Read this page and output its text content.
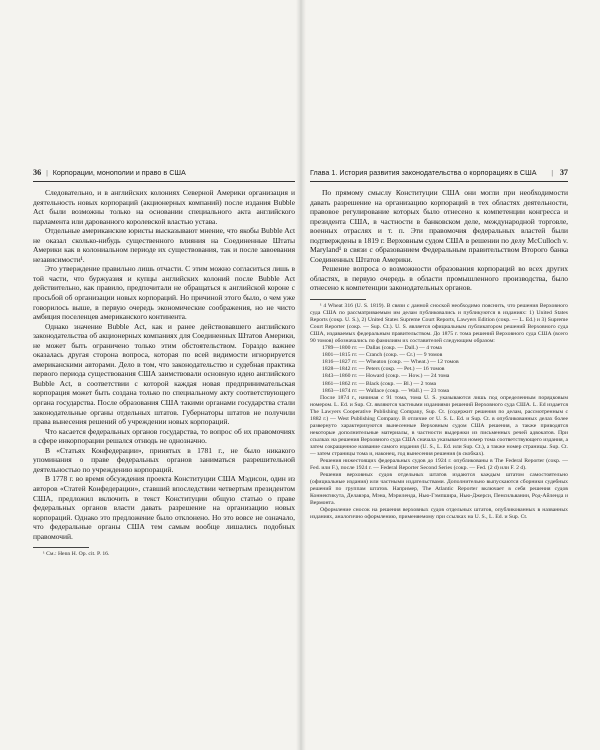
36 | Корпорации, монополии и право в США

Следовательно, и в английских колониях Северной Америки организация и деятельность новых корпораций (акционерных компаний) после издания Bubble Act были возможны только на основании специального акта английского парламента или дарованного королевской властью устава.

Отдельные американские юристы высказывают мнение, что якобы Bubble Act не оказал сколько-нибудь существенного влияния на Соединенные Штаты Америки как в колониальном периоде их существования, так и после завоевания независимости¹.

Это утверждение правильно лишь отчасти. С этим можно согласиться лишь в той части, что буржуазия и купцы английских колоний после Bubble Act действительно, как правило, предпочитали не обращаться к английской короне с просьбой об организации новых корпораций. Но причиной этого было, о чем уже говорилось выше, в первую очередь экономические соображения, но не чисто амбиция поселенцев американского континента.

Однако значение Bubble Act, как и ранее действовавшего английского законодательства об акционерных компаниях для Соединенных Штатов Америки, не может быть ограничено только этим обстоятельством. Гораздо важнее оказалась другая сторона вопроса, которая по всей видимости игнорируется американскими авторами. Дело в том, что законодательство и судебная практика первого периода существования США заимствовали основную идею английского Bubble Act, в соответствии с которой каждая новая предпринимательская корпорация может быть создана только по специальному акту соответствующего органа государства. После образования США такими органами государства стали законодательные органы отдельных штатов. Губернаторы штатов не получили права вынесения решений об учреждении новых корпораций.

Что касается федеральных органов государства, то вопрос об их правомочиях в сфере инкорпорации решался отнюдь не однозначно.

В «Статьях Конфедерации», принятых в 1781 г., не было никакого упоминания о праве федеральных органов заниматься разрешительной деятельностью по учреждению корпораций.

В 1778 г. во время обсуждения проекта Конституции США Мэдисон, один из авторов «Статей Конфедерации», ставший впоследствии четвертым президентом США, предложил включить в текст Конституции общую статью о праве федеральных органов власти давать разрешение на организацию новых корпораций. Однако это предложение было отклонено. Но это вовсе не означало, что федеральные органы США тем самым вообще лишались подобных правомочий.

¹ См.: Henn H. Op. cit. P. 16.

Глава 1. История развития законодательства о корпорациях в США	| 37

По прямому смыслу Конституции США они могли при необходимости давать разрешение на организацию корпораций в тех областях деятельности, правовое регулирование которых было отнесено к компетенции конгресса и президента США, в частности в банковском деле, международной торговле, военных отраслях и т. п. Эти правомочия федеральных властей были подтверждены в 1819 г. Верховным судом США в решении по делу McCulloch v. Maryland¹ в связи с образованием Федеральным правительством Второго банка Соединенных Штатов Америки.

Решение вопроса о возможности образования корпораций во всех других областях, в первую очередь в области промышленного производства, было отнесено к компетенции законодательных органов.

¹ 4 Wheat 316 (U. S. 1819). В связи с данной сноской необходимо пояснить, что решения Верховного суда США по рассматриваемым им делам публиковались и публикуются в изданиях: 1) United States Reports (сокр. U. S.), 2) United States Supreme Court Reports, Lawyers Edition (сокр. — L. Ed.) и 3) Supreme Court Reporter (сокр. — Sup. Ct.). U. S. является официальным публикатором решений Верховного суда США, издаваемых федеральным правительством. До 1875 г. тома решений Верховного суда США (всего 90 томов) обозначались по фамилиям их составителей следующим образом:

1789—1800 гг. — Dallas (сокр. — Dall.) — 4 тома
1801—1815 гг. — Cranch (сокр. — Cr.) — 9 томов
1816—1827 гг. — Wheaton (сокр. — Wheat.) — 12 томов
1828—1842 гг. — Peters (сокр. — Pet.) — 16 томов
1843—1860 гг. — Howard (сокр. — How.) — 24 тома
1861—1862 гг. — Black (сокр. — Bl.) — 2 тома
1863—1874 гг. — Wallace (сокр. — Wall.) — 23 тома

После 1874 г., начиная с 91 тома, тома U. S. указываются лишь под определенным порядковым номером. L. Ed. и Sup. Ct. являются частными изданиями решений Верховного суда США. L. Ed издается The Lawyers Cooperative Publishing Company, Sup. Ct. (содержит решения по делам, рассмотренным с 1882 г.) — West Publishing Company. В отличие от U. S. L. Ed. и Sup. Ct. в опубликованных делах более развернуто характеризуются вынесенные Верховным судом США решения, а также приводятся некоторые дополнительные материалы, в частности выдержки из письменных речей адвокатов. При ссылках на решения Верховного суда США сначала указывается номер тома соответствующего издания, а затем сокращенное название самого издания (U. S., L. Ed. или Sup. Ct.), а также номер страницы. Sup. Ct. — затем страницы тома и, наконец, год вынесения решения (в скобках).

Решения нижестоящих федеральных судов до 1924 г. опубликованы в The Federal Reporter (сокр. — Fed. или F.), после 1924 г. — Federal Reporter Second Series (сокр. — Fed. (2 d) или F. 2 d).

Решения верховных судов отдельных штатов издаются каждым штатом самостоятельно (официальные издания) или частными издательствами. Дополнительно выпускаются сборники судебных решений по группам штатов. Например, The Atlantic Reporter включает в себя решения судов Коннектикута, Делавэра, Мэна, Мэриленда, Нью-Гэмпшира, Нью-Джерси, Пенсильвании, Род-Айленда и Вермонта.

Оформление сносок на решения верховных судов отдельных штатов, опубликованных в названных изданиях, аналогично оформлению, применяемому при ссылках на U. S., L. Ed. и Sup. Ct.
